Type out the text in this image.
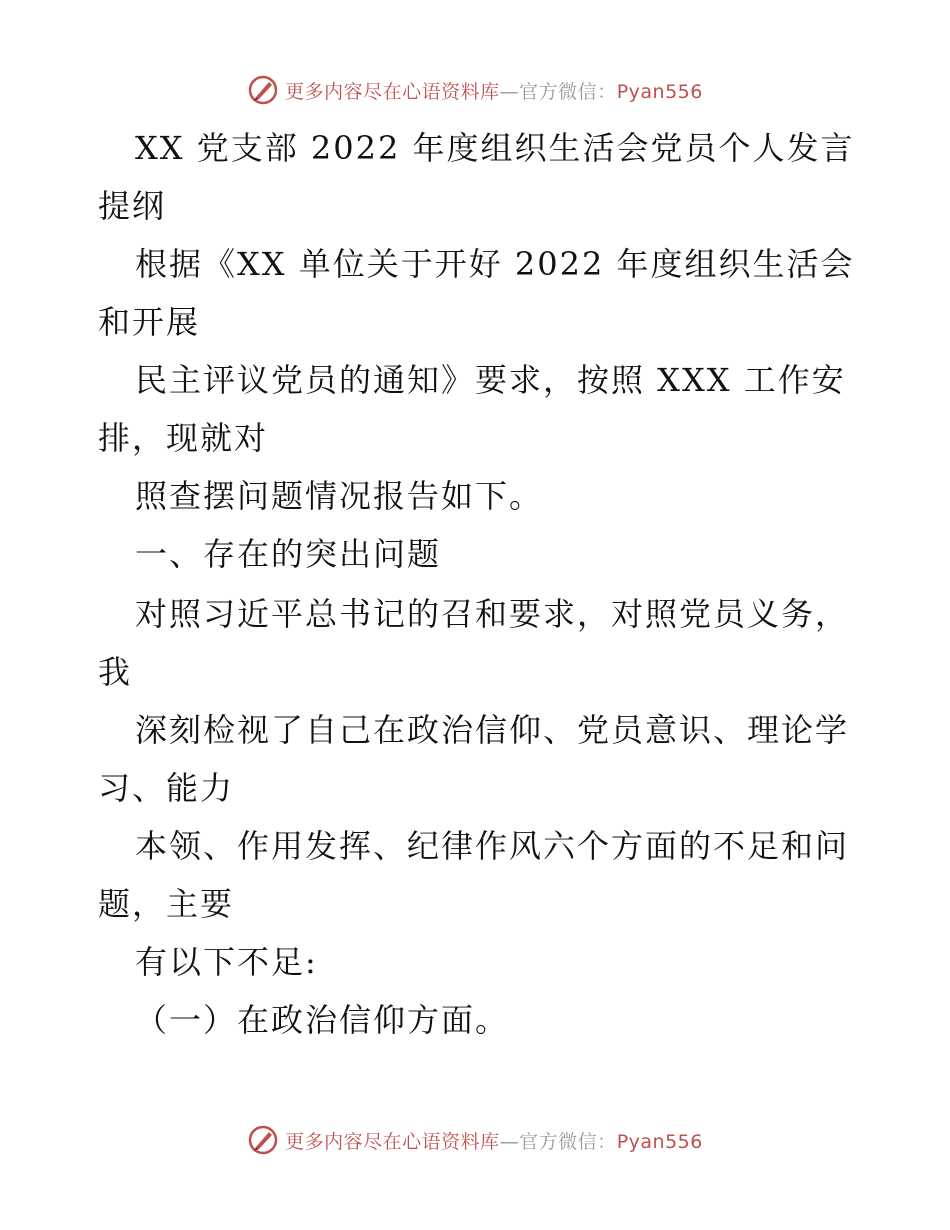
更多内容尽在心语资料库—官方微信：Pyan556
XX 党支部 2022 年度组织生活会党员个人发言
提纲
根据《XX 单位关于开好 2022 年度组织生活会
和开展
民主评议党员的通知》要求，按照 XXX 工作安
排，现就对
照查摆问题情况报告如下。
一、存在的突出问题
对照习近平总书记的召和要求，对照党员义务，
我
深刻检视了自己在政治信仰、党员意识、理论学
习、能力
本领、作用发挥、纪律作风六个方面的不足和问
题，主要
有以下不足:
（一）在政治信仰方面。
更多内容尽在心语资料库—官方微信：Pyan556
